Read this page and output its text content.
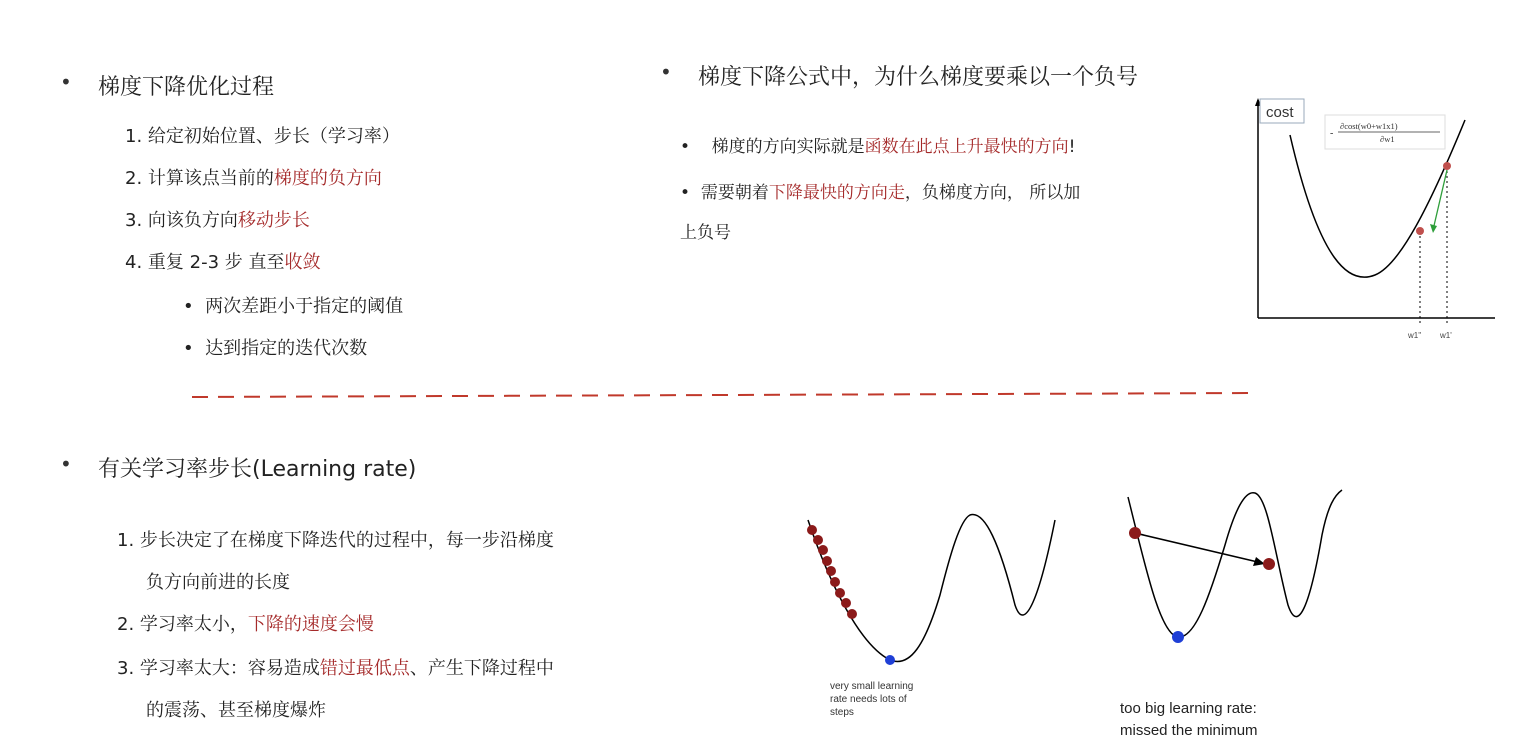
• 梯度下降优化过程
1. 给定初始位置、步长（学习率）
2. 计算该点当前的梯度的负方向
3. 向该负方向移动步长
4. 重复 2-3 步 直至收敛
• 两次差距小于指定的阈值
• 达到指定的迭代次数
• 梯度下降公式中，为什么梯度要乘以一个负号
• 梯度的方向实际就是函数在此点上升最快的方向!
• 需要朝着下降最快的方向走，负梯度方向， 所以加
上负号
cost
-
∂cost(w0+w1x1)
∂w1
w1'' w1'
• 有关学习率步长(Learning rate)
1. 步长决定了在梯度下降迭代的过程中，每一步沿梯度
负方向前进的长度
2. 学习率太小，下降的速度会慢
3. 学习率太大：容易造成错过最低点、产生下降过程中
的震荡、甚至梯度爆炸
very small learning
rate needs lots of
steps	too big learning rate:
missed the minimum
